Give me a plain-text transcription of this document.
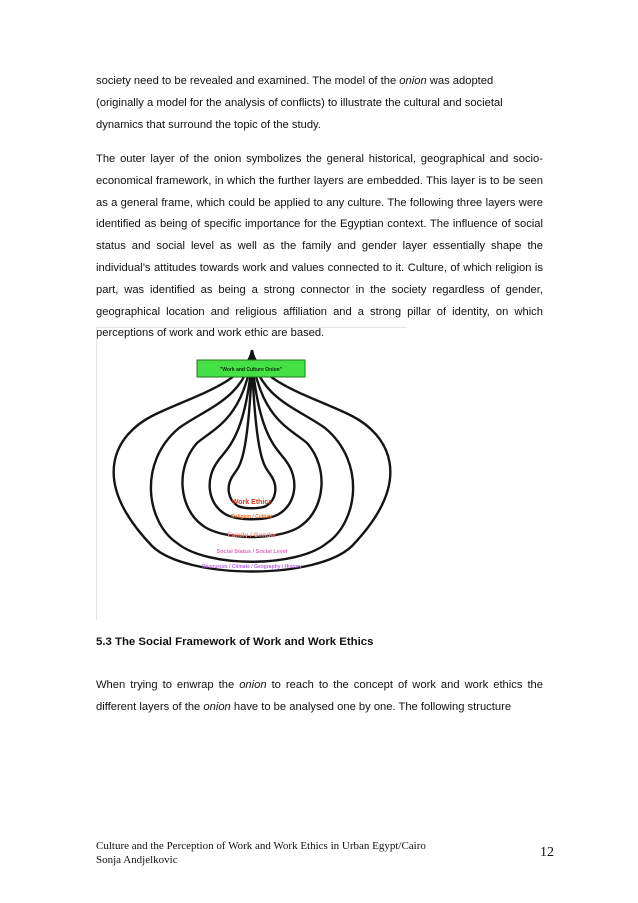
society need to be revealed and examined. The model of the onion was adopted (originally a model for the analysis of conflicts) to illustrate the cultural and societal dynamics that surround the topic of the study.

The outer layer of the onion symbolizes the general historical, geographical and socio-economical framework, in which the further layers are embedded. This layer is to be seen as a general frame, which could be applied to any culture. The following three layers were identified as being of specific importance for the Egyptian context. The influence of social status and social level as well as the family and gender layer essentially shape the individual’s attitudes towards work and values connected to it. Culture, of which religion is part, was identified as being a strong connector in the society regardless of gender, geographical location and religious affiliation and a strong pillar of identity, on which perceptions of work and work ethic are based.

"Work and Culture Onion"
Work Ethics
Religion / Culture
Family / Gender
Social Status / Social Level
Resources / Climate / Geography / History

5.3 The Social Framework of Work and Work Ethics

When trying to enwrap the onion to reach to the concept of work and work ethics the different layers of the onion have to be analysed one by one. The following structure

Culture and the Perception of Work and Work Ethics in Urban Egypt/Cairo
Sonja Andjelkovic	12
